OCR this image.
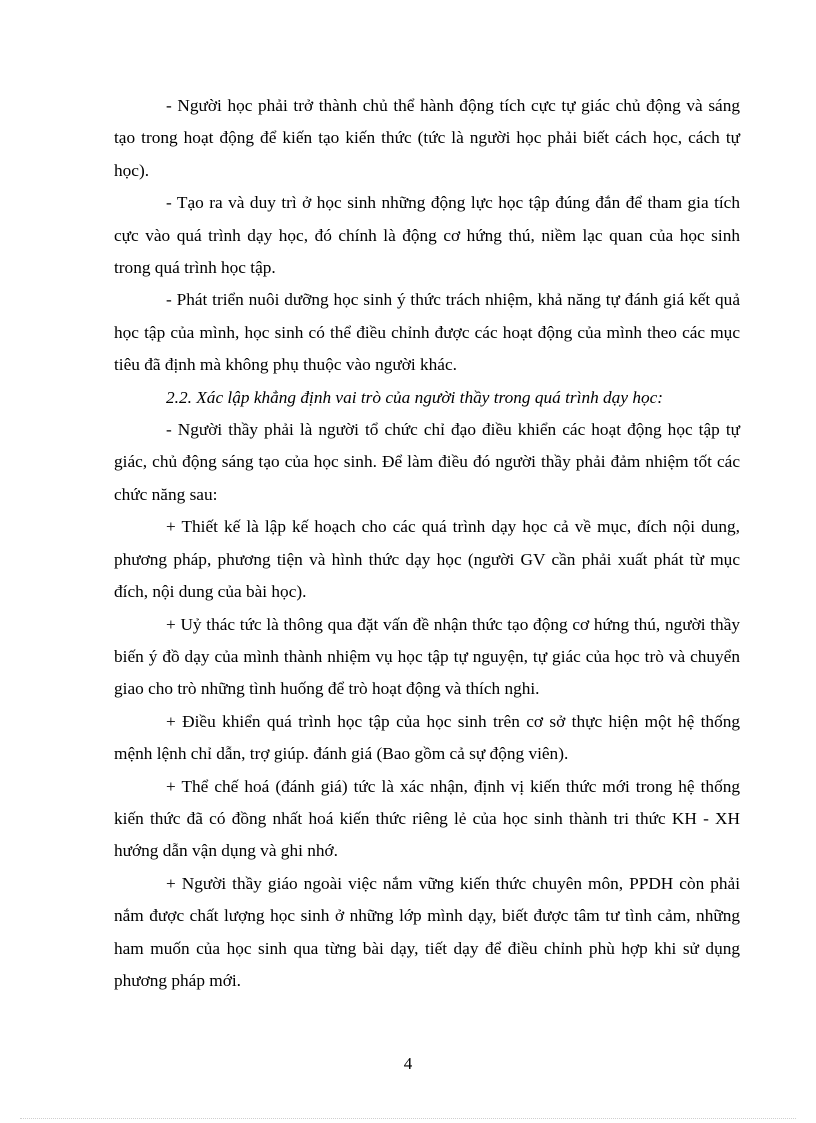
- Người học phải trở thành chủ thể hành động tích cực tự giác chủ động và sáng tạo trong hoạt động để kiến tạo kiến thức (tức là người học phải biết cách học, cách tự học).

- Tạo ra và duy trì ở học sinh những động lực học tập đúng đắn để tham gia tích cực vào quá trình dạy học, đó chính là động cơ hứng thú, niềm lạc quan của học sinh trong quá trình học tập.

- Phát triển nuôi dưỡng học sinh ý thức trách nhiệm, khả năng tự đánh giá kết quả học tập của mình, học sinh có thể điều chỉnh được các hoạt động của mình theo các mục tiêu đã định mà không phụ thuộc vào người khác.

2.2. Xác lập khẳng định vai trò của người thầy trong quá trình dạy học:

- Người thầy phải là người tổ chức chỉ đạo điều khiển các hoạt động học tập tự giác, chủ động sáng tạo của học sinh. Để làm điều đó người thầy phải đảm nhiệm tốt các chức năng sau:

+ Thiết kế là lập kế hoạch cho các quá trình dạy học cả về mục, đích nội dung, phương pháp, phương tiện và hình thức dạy học (người GV cần phải xuất phát từ mục đích, nội dung của bài học).

+ Uỷ thác tức là thông qua đặt vấn đề nhận thức tạo động cơ hứng thú, người thầy biến ý đồ dạy của mình thành nhiệm vụ học tập tự nguyện, tự giác của học trò và chuyển giao cho trò những tình huống để trò hoạt động và thích nghi.

+ Điều khiển quá trình học tập của học sinh trên cơ sở thực hiện một hệ thống mệnh lệnh chỉ dẫn, trợ giúp. đánh giá (Bao gồm cả sự động viên).

+ Thể chế hoá (đánh giá) tức là xác nhận, định vị kiến thức mới trong hệ thống kiến thức đã có đồng nhất hoá kiến thức riêng lẻ của học sinh thành tri thức KH - XH hướng dẫn vận dụng và ghi nhớ.

+ Người thầy giáo ngoài việc nắm vững kiến thức chuyên môn, PPDH còn phải nắm được chất lượng học sinh ở những lớp mình dạy, biết được tâm tư tình cảm, những ham muốn của học sinh qua từng bài dạy, tiết dạy để điều chỉnh phù hợp khi sử dụng phương pháp mới.

4
